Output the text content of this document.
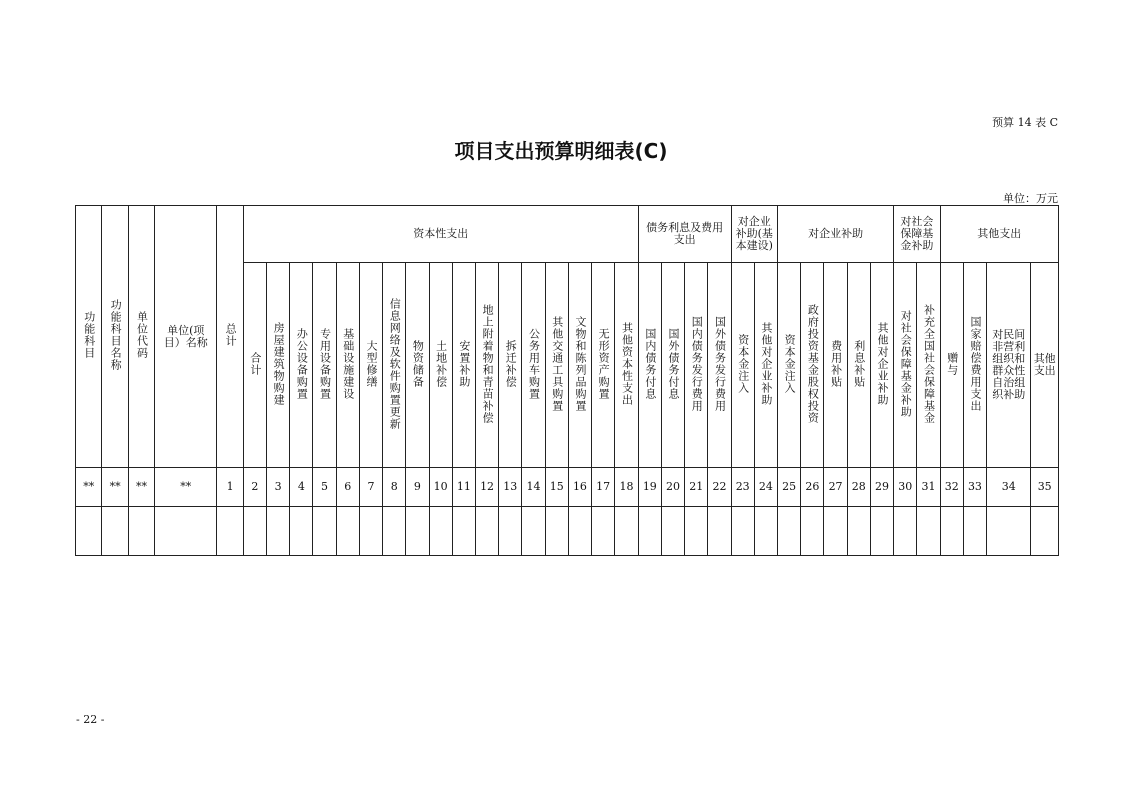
预算 14 表 C
项目支出预算明细表(C)
单位：万元
功能科目	功能科目名称	单位代码	单位(项目）名称	总计	资本性支出																	债务利息及费用支出				对企业补助(基本建设)		对企业补助					对社会保障基金补助		其他支出			
					合计	房屋建筑物购建	办公设备购置	专用设备购置	基础设施建设	大型修缮	信息网络及软件购置更新	物资储备	土地补偿	安置补助	地上附着物和青苗补偿	拆迁补偿	公务用车购置	其他交通工具购置	文物和陈列品购置	无形资产购置	其他资本性支出	国内债务付息	国外债务付息	国内债务发行费用	国外债务发行费用	资本金注入	其他对企业补助	资本金注入	政府投资基金股权投资	费用补贴	利息补贴	其他对企业补助	对社会保障基金补助	补充全国社会保障基金	赠与	国家赔偿费用支出	对民间非营利组织和群众性自治组织补助	其他支出
**	**	**	**	1	2	3	4	5	6	7	8	9	10	11	12	13	14	15	16	17	18	19	20	21	22	23	24	25	26	27	28	29	30	31	32	33	34	35

- 22 -
